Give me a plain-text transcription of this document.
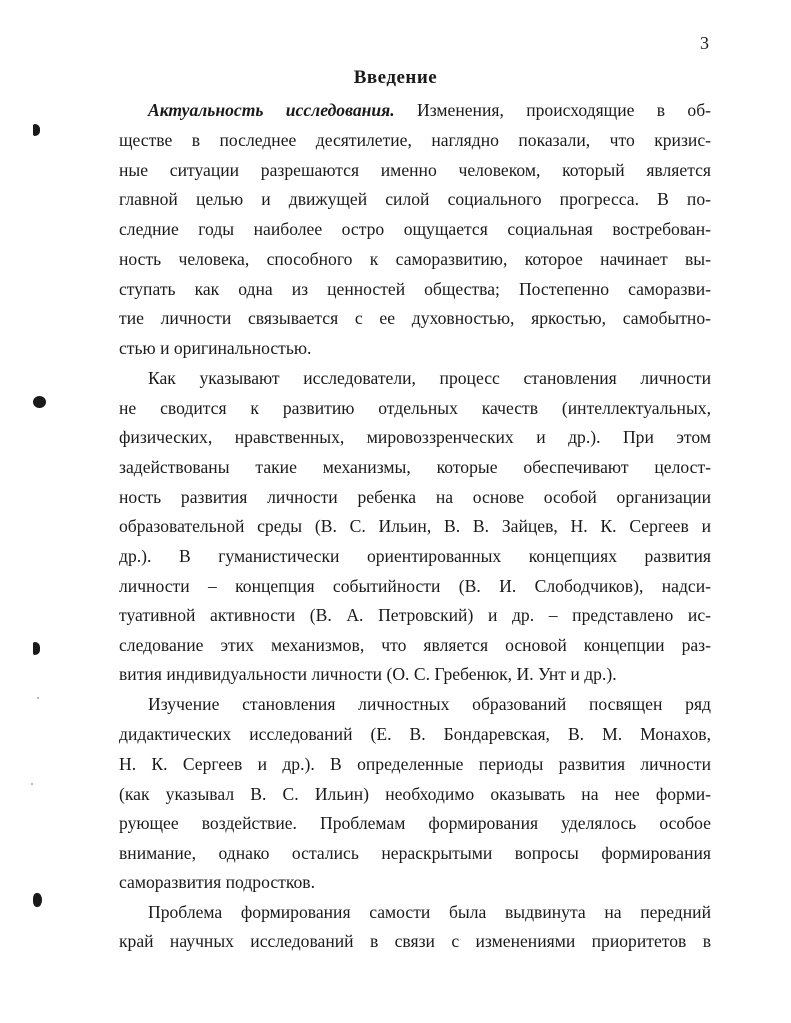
3
Введение
Актуальность исследования. Изменения, происходящие в об-
ществе в последнее десятилетие, наглядно показали, что кризис-
ные ситуации разрешаются именно человеком, который является
главной целью и движущей силой социального прогресса. В по-
следние годы наиболее остро ощущается социальная востребован-
ность человека, способного к саморазвитию, которое начинает вы-
ступать как одна из ценностей общества; Постепенно саморазви-
тие личности связывается с ее духовностью, яркостью, самобытно-
стью и оригинальностью.
Как указывают исследователи, процесс становления личности
не сводится к развитию отдельных качеств (интеллектуальных,
физических, нравственных, мировоззренческих и др.). При этом
задействованы такие механизмы, которые обеспечивают целост-
ность развития личности ребенка на основе особой организации
образовательной среды (В. С. Ильин, В. В. Зайцев, Н. К. Сергеев и
др.). В гуманистически ориентированных концепциях развития
личности – концепция событийности (В. И. Слободчиков), надси-
туативной активности (В. А. Петровский) и др. – представлено ис-
следование этих механизмов, что является основой концепции раз-
вития индивидуальности личности (О. С. Гребенюк, И. Унт и др.).
Изучение становления личностных образований посвящен ряд
дидактических исследований (Е. В. Бондаревская, В. М. Монахов,
Н. К. Сергеев и др.). В определенные периоды развития личности
(как указывал В. С. Ильин) необходимо оказывать на нее форми-
рующее воздействие. Проблемам формирования уделялось особое
внимание, однако остались нераскрытыми вопросы формирования
саморазвития подростков.
Проблема формирования самости была выдвинута на передний
край научных исследований в связи с изменениями приоритетов в
